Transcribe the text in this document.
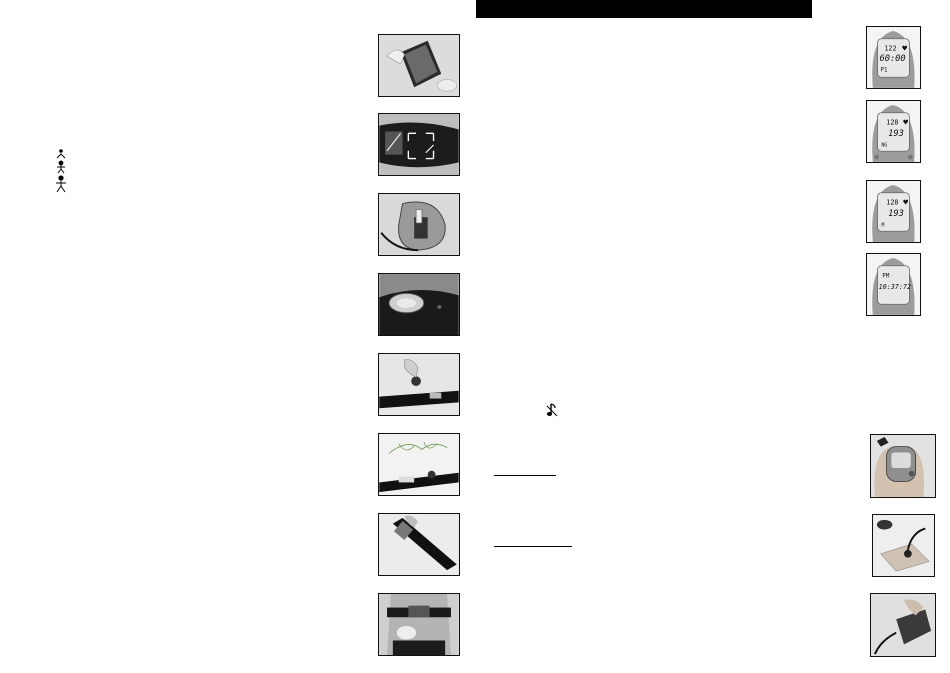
122 ♥
60:00
P1
128 ♥
193
NG
128 ♥
193
M
PM
10:37:72
